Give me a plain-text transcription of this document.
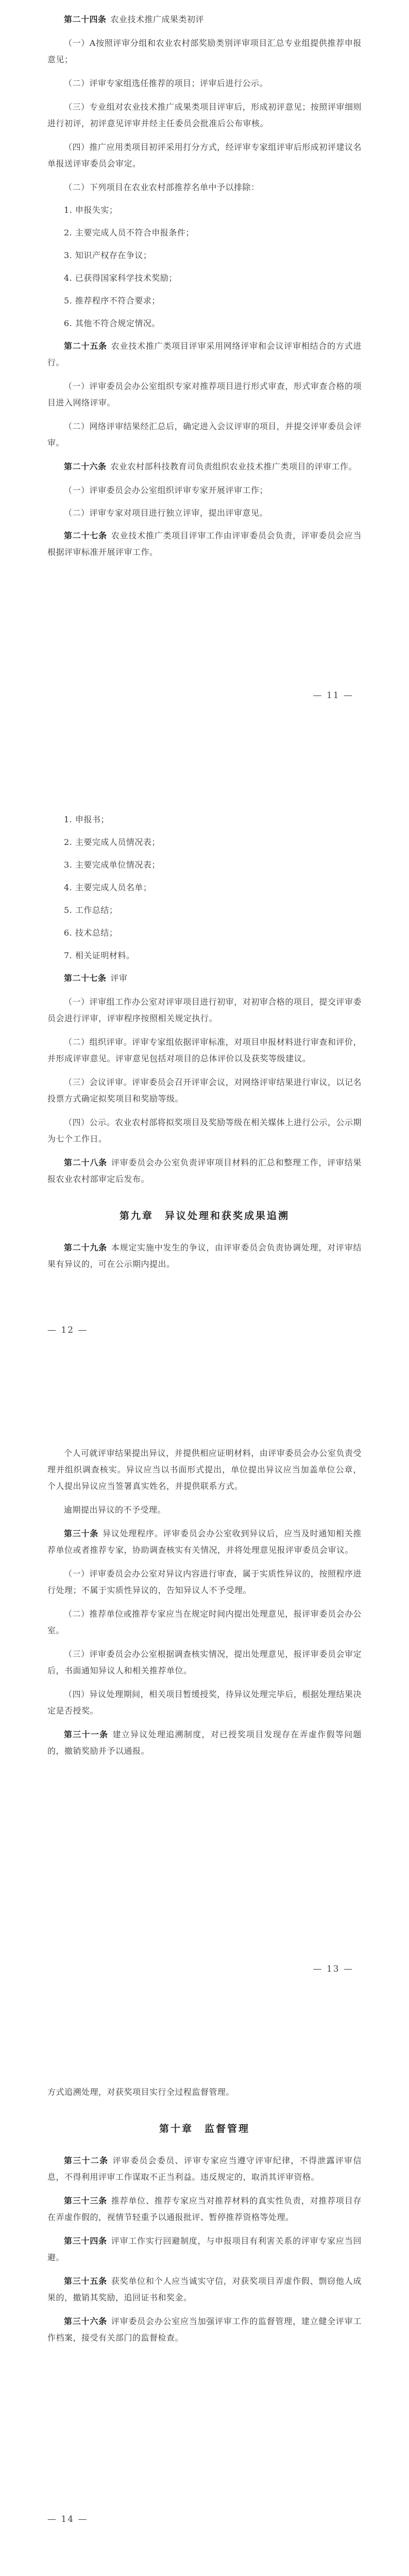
第二十四条 农业技术推广成果类初评

（一）A按照评审分组和农业农村部奖励类别评审项目汇总专业组提供推荐申报意见；

（二）评审专家组选任推荐的项目；评审后进行公示。

（三）专业组对农业技术推广成果类项目评审后，形成初评意见；按照评审细则进行初评，初评意见评审并经主任委员会批准后公布审核。

（四）推广应用类项目初评采用打分方式，经评审专家组评审后形成初评建议名单报送评审委员会审定。

（二）下列项目在农业农村部推荐名单中予以排除：
1. 申报失实；
2. 主要完成人员不符合申报条件；
3. 知识产权存在争议；
4. 已获得国家科学技术奖励；
5. 推荐程序不符合要求；
6. 其他不符合规定情况。

第二十五条 农业技术推广类项目评审采用网络评审和会议评审相结合的方式进行。

（一）评审委员会办公室组织专家对推荐项目进行形式审查，形式审查合格的项目进入网络评审。

（二）网络评审结果经汇总后，确定进入会议评审的项目，并提交评审委员会评审。

第二十六条 农业农村部科技教育司负责组织农业技术推广类项目的评审工作。

（一）评审委员会办公室组织评审专家开展评审工作；
（二）评审专家对项目进行独立评审，提出评审意见。

第二十七条 农业技术推广类项目评审工作由评审委员会负责，评审委员会应当根据评审标准开展评审工作。

— 11 —
1. 申报书；
2. 主要完成人员情况表；
3. 主要完成单位情况表；
4. 主要完成人员名单；
5. 工作总结；
6. 技术总结；
7. 相关证明材料。

第二十七条 评审

（一）评审组工作办公室对评审项目进行初审，对初审合格的项目，提交评审委员会进行评审，评审程序按照相关规定执行。

（二）组织评审。评审专家组依据评审标准，对项目申报材料进行审查和评价，并形成评审意见。评审意见包括对项目的总体评价以及获奖等级建议。

（三）会议评审。评审委员会召开评审会议，对网络评审结果进行审议，以记名投票方式确定拟奖项目和奖励等级。

（四）公示。农业农村部将拟奖项目及奖励等级在相关媒体上进行公示，公示期为七个工作日。

第二十八条 评审委员会办公室负责评审项目材料的汇总和整理工作，评审结果报农业农村部审定后发布。

第九章　异议处理和获奖成果追溯

第二十九条 本规定实施中发生的争议，由评审委员会负责协调处理，对评审结果有异议的，可在公示期内提出。

— 12 —

个人可就评审结果提出异议，并提供相应证明材料，由评审委员会办公室负责受理并组织调查核实。异议应当以书面形式提出，单位提出异议应当加盖单位公章，个人提出异议应当签署真实姓名，并提供联系方式。

逾期提出异议的不予受理。

第三十条 异议处理程序。评审委员会办公室收到异议后，应当及时通知相关推荐单位或者推荐专家，协助调查核实有关情况，并将处理意见报评审委员会审议。

（一）评审委员会办公室对异议内容进行审查，属于实质性异议的，按照程序进行处理；不属于实质性异议的，告知异议人不予受理。

（二）推荐单位或推荐专家应当在规定时间内提出处理意见，报评审委员会办公室。

（三）评审委员会办公室根据调查核实情况，提出处理意见，报评审委员会审定后，书面通知异议人和相关推荐单位。

（四）异议处理期间，相关项目暂缓授奖，待异议处理完毕后，根据处理结果决定是否授奖。

第三十一条 建立异议处理追溯制度，对已授奖项目发现存在弄虚作假等问题的，撤销奖励并予以通报。

— 13 —

方式追溯处理，对获奖项目实行全过程监督管理。

第十章　监督管理

第三十二条 评审委员会委员、评审专家应当遵守评审纪律，不得泄露评审信息，不得利用评审工作谋取不正当利益。违反规定的，取消其评审资格。

第三十三条 推荐单位、推荐专家应当对推荐材料的真实性负责，对推荐项目存在弄虚作假的，视情节轻重予以通报批评、暂停推荐资格等处理。

第三十四条 评审工作实行回避制度，与申报项目有利害关系的评审专家应当回避。

第三十五条 获奖单位和个人应当诚实守信，对获奖项目弄虚作假、剽窃他人成果的，撤销其奖励，追回证书和奖金。

第三十六条 评审委员会办公室应当加强评审工作的监督管理，建立健全评审工作档案，接受有关部门的监督检查。

— 14 —
